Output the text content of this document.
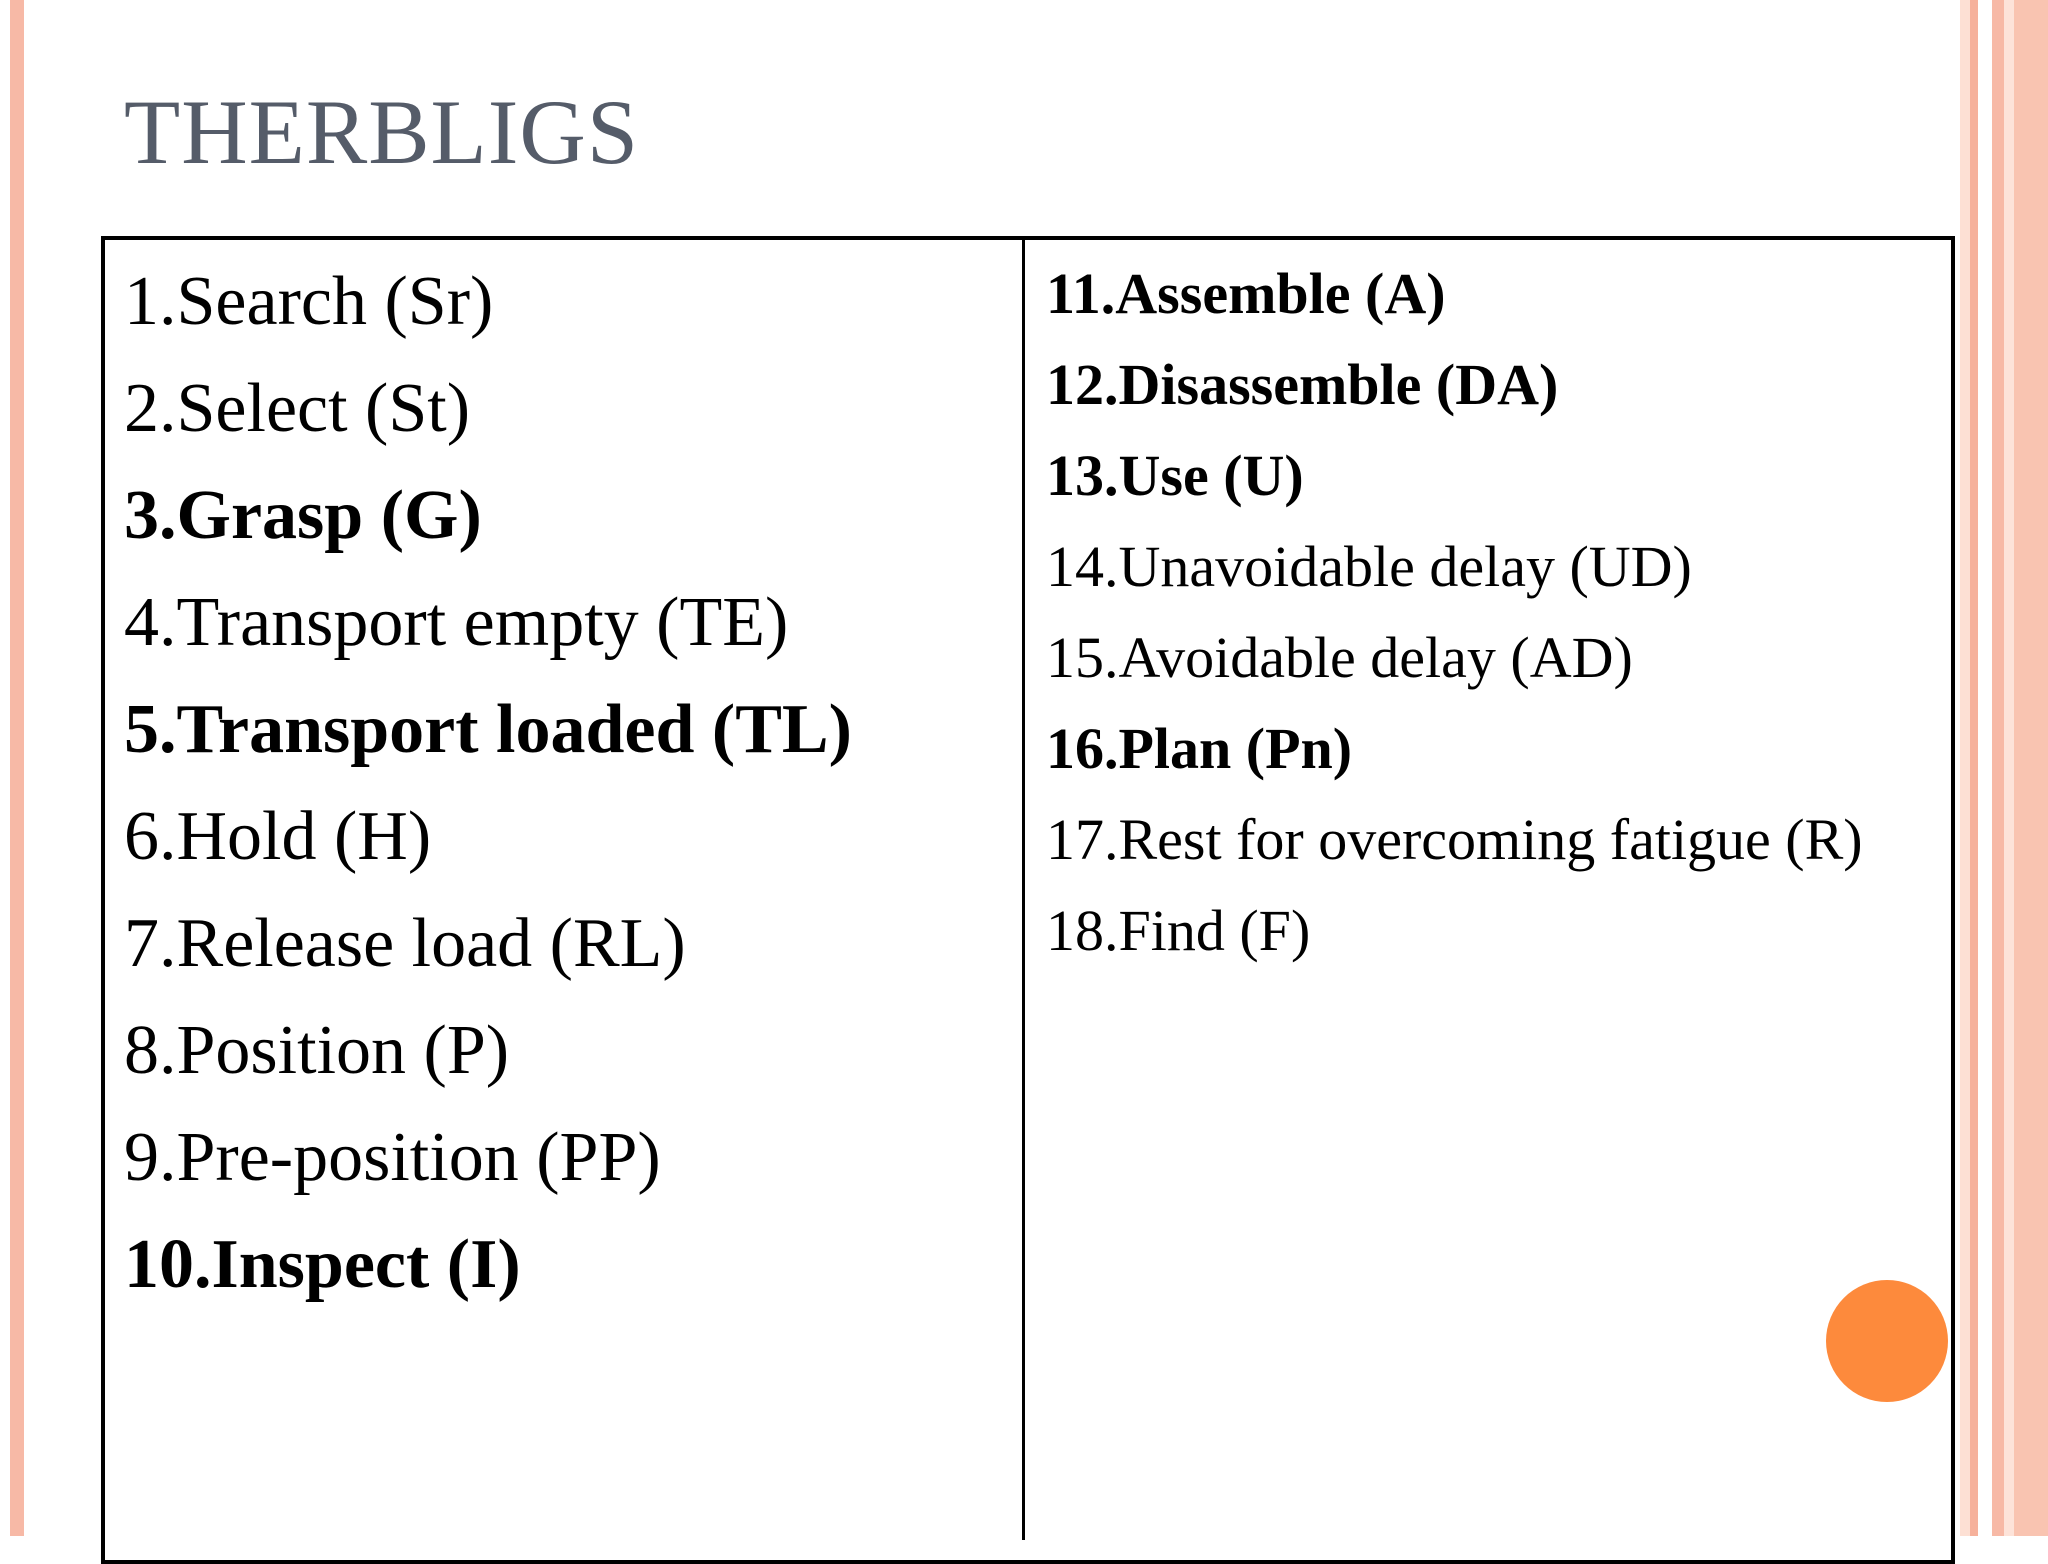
THERBLIGS
1.Search (Sr)
2.Select (St)
3.Grasp (G)
4.Transport empty (TE)
5.Transport loaded (TL)
6.Hold (H)
7.Release load (RL)
8.Position (P)
9.Pre-position (PP)
10.Inspect (I)
11.Assemble (A)
12.Disassemble (DA)
13.Use (U)
14.Unavoidable delay (UD)
15.Avoidable delay (AD)
16.Plan (Pn)
17.Rest for overcoming fatigue (R)
18.Find (F)
